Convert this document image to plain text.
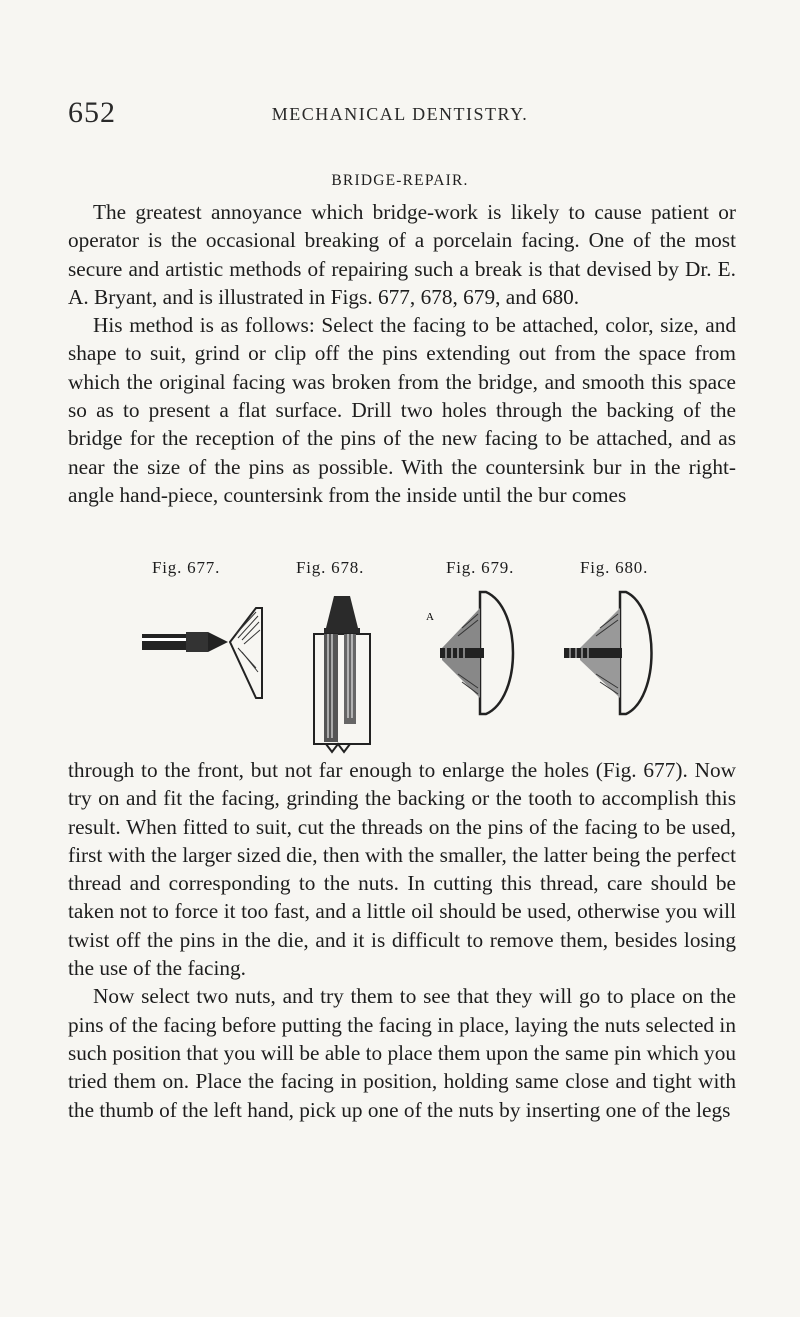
652	MECHANICAL DENTISTRY.
BRIDGE-REPAIR.

The greatest annoyance which bridge-work is likely to cause patient or operator is the occasional breaking of a porcelain facing. One of the most secure and artistic methods of repairing such a break is that devised by Dr. E. A. Bryant, and is illustrated in Figs. 677, 678, 679, and 680.

His method is as follows: Select the facing to be attached, color, size, and shape to suit, grind or clip off the pins extending out from the space from which the original facing was broken from the bridge, and smooth this space so as to present a flat surface. Drill two holes through the backing of the bridge for the reception of the pins of the new facing to be attached, and as near the size of the pins as possible. With the countersink bur in the right-angle hand-piece, countersink from the inside until the bur comes

Fig. 677.	Fig. 678.	Fig. 679.
A
Fig. 680.

through to the front, but not far enough to enlarge the holes (Fig. 677). Now try on and fit the facing, grinding the backing or the tooth to accomplish this result. When fitted to suit, cut the threads on the pins of the facing to be used, first with the larger sized die, then with the smaller, the latter being the perfect thread and corresponding to the nuts. In cutting this thread, care should be taken not to force it too fast, and a little oil should be used, otherwise you will twist off the pins in the die, and it is difficult to remove them, besides losing the use of the facing.

Now select two nuts, and try them to see that they will go to place on the pins of the facing before putting the facing in place, laying the nuts selected in such position that you will be able to place them upon the same pin which you tried them on. Place the facing in position, holding same close and tight with the thumb of the left hand, pick up one of the nuts by inserting one of the legs
